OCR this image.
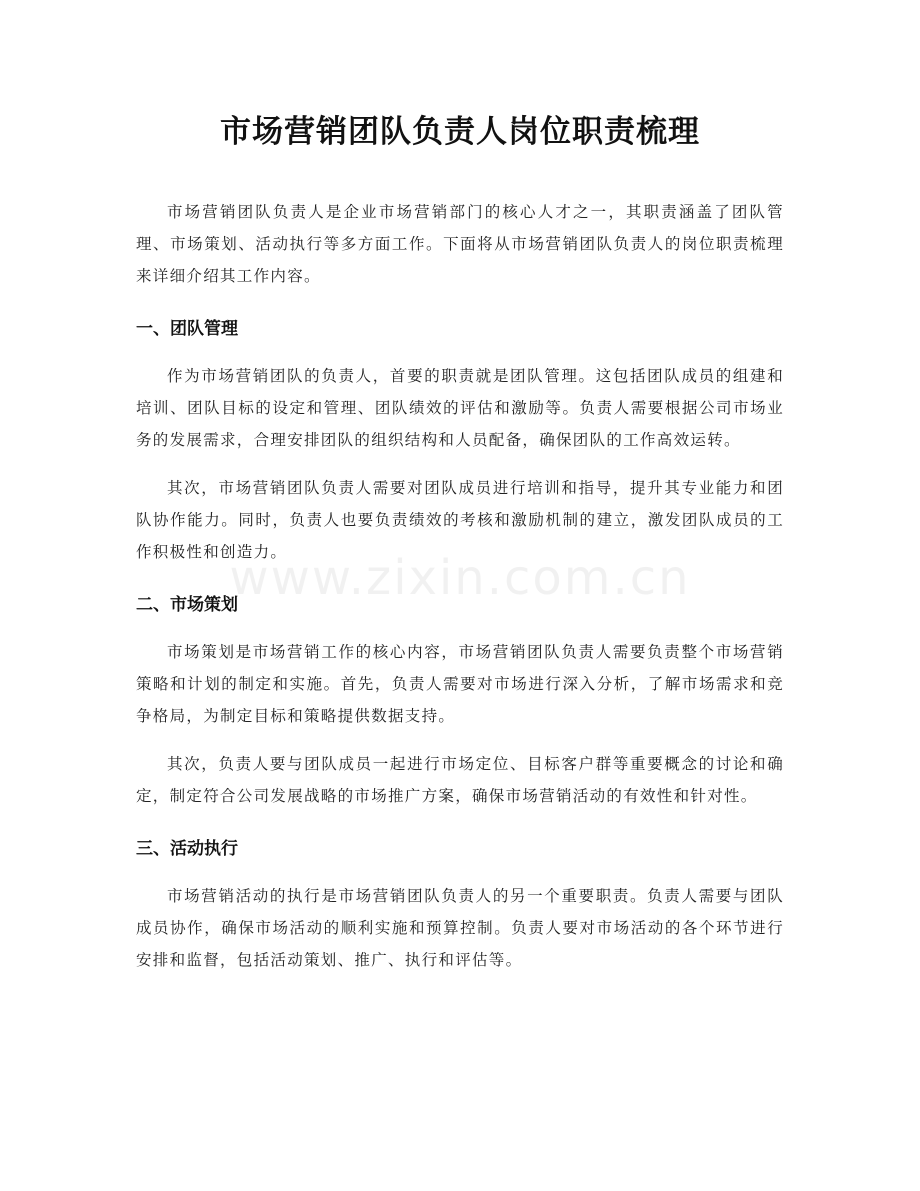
市场营销团队负责人岗位职责梳理

市场营销团队负责人是企业市场营销部门的核心人才之一，其职责涵盖了团队管理、市场策划、活动执行等多方面工作。下面将从市场营销团队负责人的岗位职责梳理来详细介绍其工作内容。

一、团队管理

作为市场营销团队的负责人，首要的职责就是团队管理。这包括团队成员的组建和培训、团队目标的设定和管理、团队绩效的评估和激励等。负责人需要根据公司市场业务的发展需求，合理安排团队的组织结构和人员配备，确保团队的工作高效运转。

其次，市场营销团队负责人需要对团队成员进行培训和指导，提升其专业能力和团队协作能力。同时，负责人也要负责绩效的考核和激励机制的建立，激发团队成员的工作积极性和创造力。

二、市场策划

市场策划是市场营销工作的核心内容，市场营销团队负责人需要负责整个市场营销策略和计划的制定和实施。首先，负责人需要对市场进行深入分析，了解市场需求和竞争格局，为制定目标和策略提供数据支持。

其次，负责人要与团队成员一起进行市场定位、目标客户群等重要概念的讨论和确定，制定符合公司发展战略的市场推广方案，确保市场营销活动的有效性和针对性。

三、活动执行

市场营销活动的执行是市场营销团队负责人的另一个重要职责。负责人需要与团队成员协作，确保市场活动的顺利实施和预算控制。负责人要对市场活动的各个环节进行安排和监督，包括活动策划、推广、执行和评估等。

www.zixin.com.cn
